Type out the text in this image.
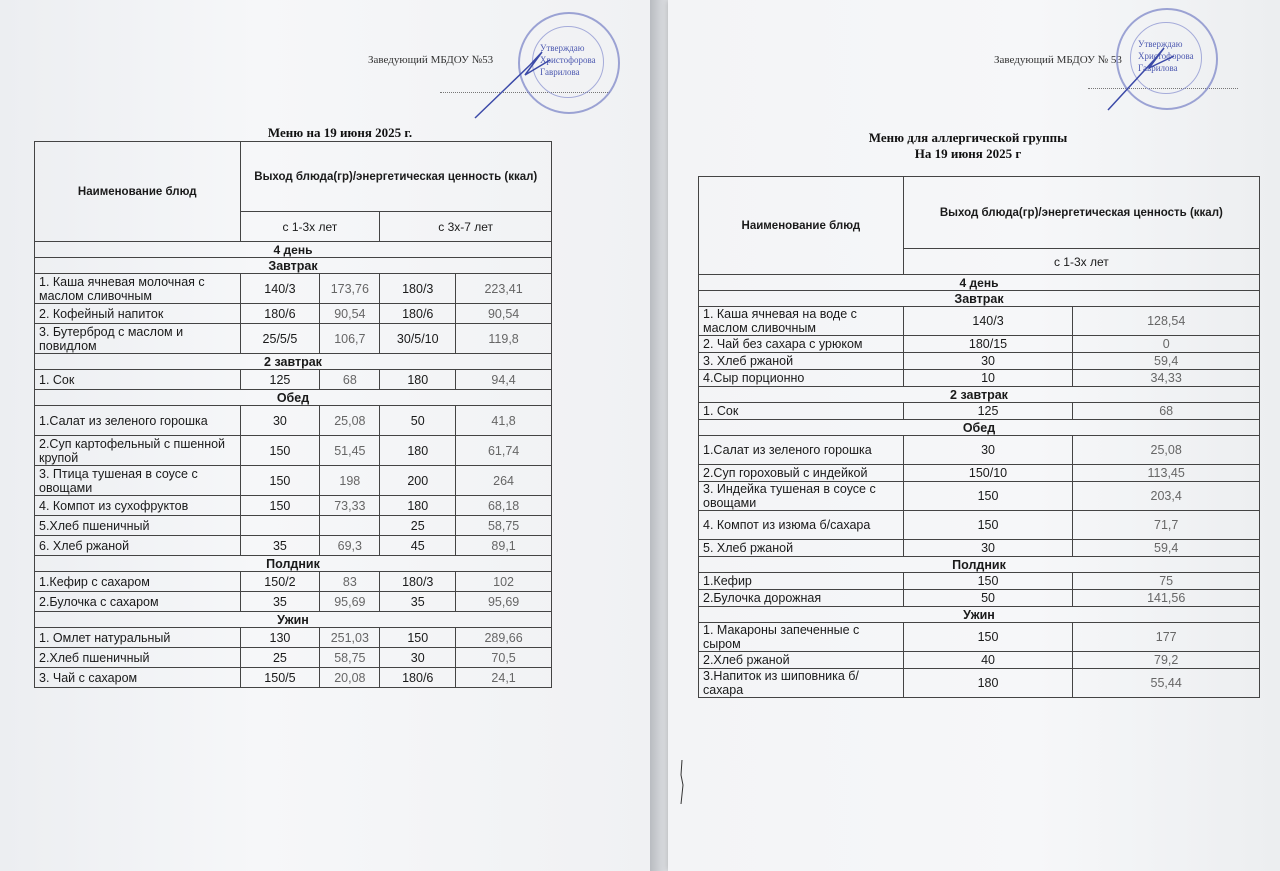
Заведующий МБДОУ №53
Утверждаю
Христофорова
Гаврилова
Меню на 19 июня 2025 г.
Наименование блюд	Выход блюда(гр)/энергетическая ценность (ккал)			
	с 1-3х лет		с 3х-7 лет	
4 день				
Завтрак				
1. Каша ячневая молочная с маслом сливочным	140/3	173,76	180/3	223,41
2. Кофейный напиток	180/6	90,54	180/6	90,54
3. Бутерброд с маслом и повидлом	25/5/5	106,7	30/5/10	119,8
2 завтрак				
1. Сок	125	68	180	94,4
Обед				
1.Салат из зеленого горошка	30	25,08	50	41,8
2.Суп картофельный с пшенной крупой	150	51,45	180	61,74
3. Птица тушеная в соусе с овощами	150	198	200	264
4. Компот из сухофруктов	150	73,33	180	68,18
5.Хлеб пшеничный			25	58,75
6. Хлеб ржаной	35	69,3	45	89,1
Полдник				
1.Кефир с сахаром	150/2	83	180/3	102
2.Булочка с сахаром	35	95,69	35	95,69
Ужин				
1. Омлет натуральный	130	251,03	150	289,66
2.Хлеб пшеничный	25	58,75	30	70,5
3. Чай с сахаром	150/5	20,08	180/6	24,1
Заведующий МБДОУ № 53
Утверждаю
Христофорова
Гаврилова
Меню для аллергической группы
На 19 июня 2025 г
Наименование блюд	Выход блюда(гр)/энергетическая ценность (ккал)	
	с 1-3х лет	
4 день		
Завтрак		
1. Каша ячневая на воде с маслом сливочным	140/3	128,54
2. Чай без сахара с урюком	180/15	0
3. Хлеб ржаной	30	59,4
4.Сыр порционно	10	34,33
2 завтрак		
1. Сок	125	68
Обед		
1.Салат из зеленого горошка	30	25,08
2.Суп гороховый с индейкой	150/10	113,45
3. Индейка тушеная в соусе с овощами	150	203,4
4. Компот из изюма б/сахара	150	71,7
5. Хлеб ржаной	30	59,4
Полдник		
1.Кефир	150	75
2.Булочка дорожная	50	141,56
Ужин		
1. Макароны запеченные с сыром	150	177
2.Хлеб ржаной	40	79,2
3.Напиток из шиповника б/сахара	180	55,44
